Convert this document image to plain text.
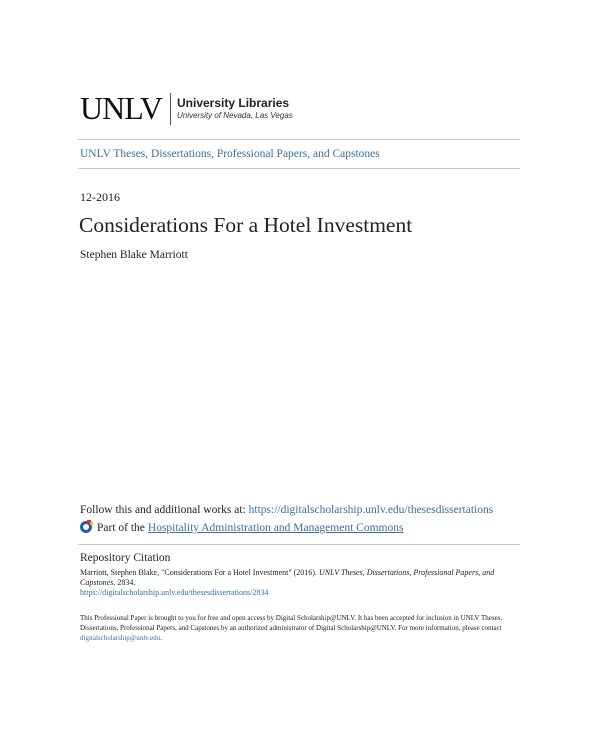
UNLV University Libraries
University of Nevada, Las Vegas
UNLV Theses, Dissertations, Professional Papers, and Capstones
12-2016
Considerations For a Hotel Investment
Stephen Blake Marriott
Follow this and additional works at: https://digitalscholarship.unlv.edu/thesesdissertations
Part of the Hospitality Administration and Management Commons
Repository Citation
Marriott, Stephen Blake, "Considerations For a Hotel Investment" (2016). UNLV Theses, Dissertations, Professional Papers, and Capstones. 2834.
https://digitalscholarship.unlv.edu/thesesdissertations/2834
This Professional Paper is brought to you for free and open access by Digital Scholarship@UNLV. It has been accepted for inclusion in UNLV Theses, Dissertations, Professional Papers, and Capstones by an authorized administrator of Digital Scholarship@UNLV. For more information, please contact digitalscholarship@unlv.edu.
